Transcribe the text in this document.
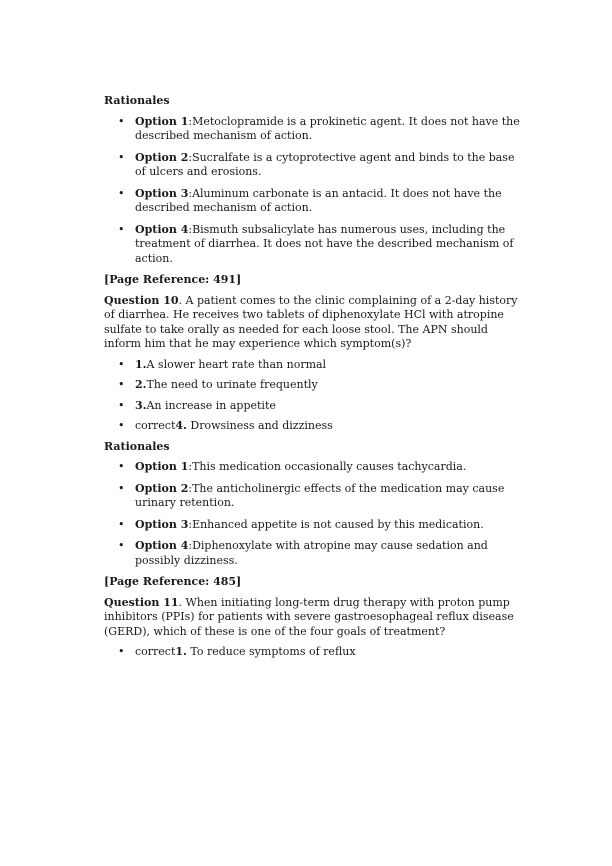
Rationales
• Option 1:Metoclopramide is a prokinetic agent. It does not have the described mechanism of action.
• Option 2:Sucralfate is a cytoprotective agent and binds to the base of ulcers and erosions.
• Option 3:Aluminum carbonate is an antacid. It does not have the described mechanism of action.
• Option 4:Bismuth subsalicylate has numerous uses, including the treatment of diarrhea. It does not have the described mechanism of action.
[Page Reference: 491]
Question 10. A patient comes to the clinic complaining of a 2-day history of diarrhea. He receives two tablets of diphenoxylate HCl with atropine sulfate to take orally as needed for each loose stool. The APN should inform him that he may experience which symptom(s)?
• 1.A slower heart rate than normal
• 2.The need to urinate frequently
• 3.An increase in appetite
• correct4. Drowsiness and dizziness
Rationales
• Option 1:This medication occasionally causes tachycardia.
• Option 2:The anticholinergic effects of the medication may cause urinary retention.
• Option 3:Enhanced appetite is not caused by this medication.
• Option 4:Diphenoxylate with atropine may cause sedation and possibly dizziness.
[Page Reference: 485]
Question 11. When initiating long-term drug therapy with proton pump inhibitors (PPIs) for patients with severe gastroesophageal reflux disease (GERD), which of these is one of the four goals of treatment?
• correct1. To reduce symptoms of reflux
